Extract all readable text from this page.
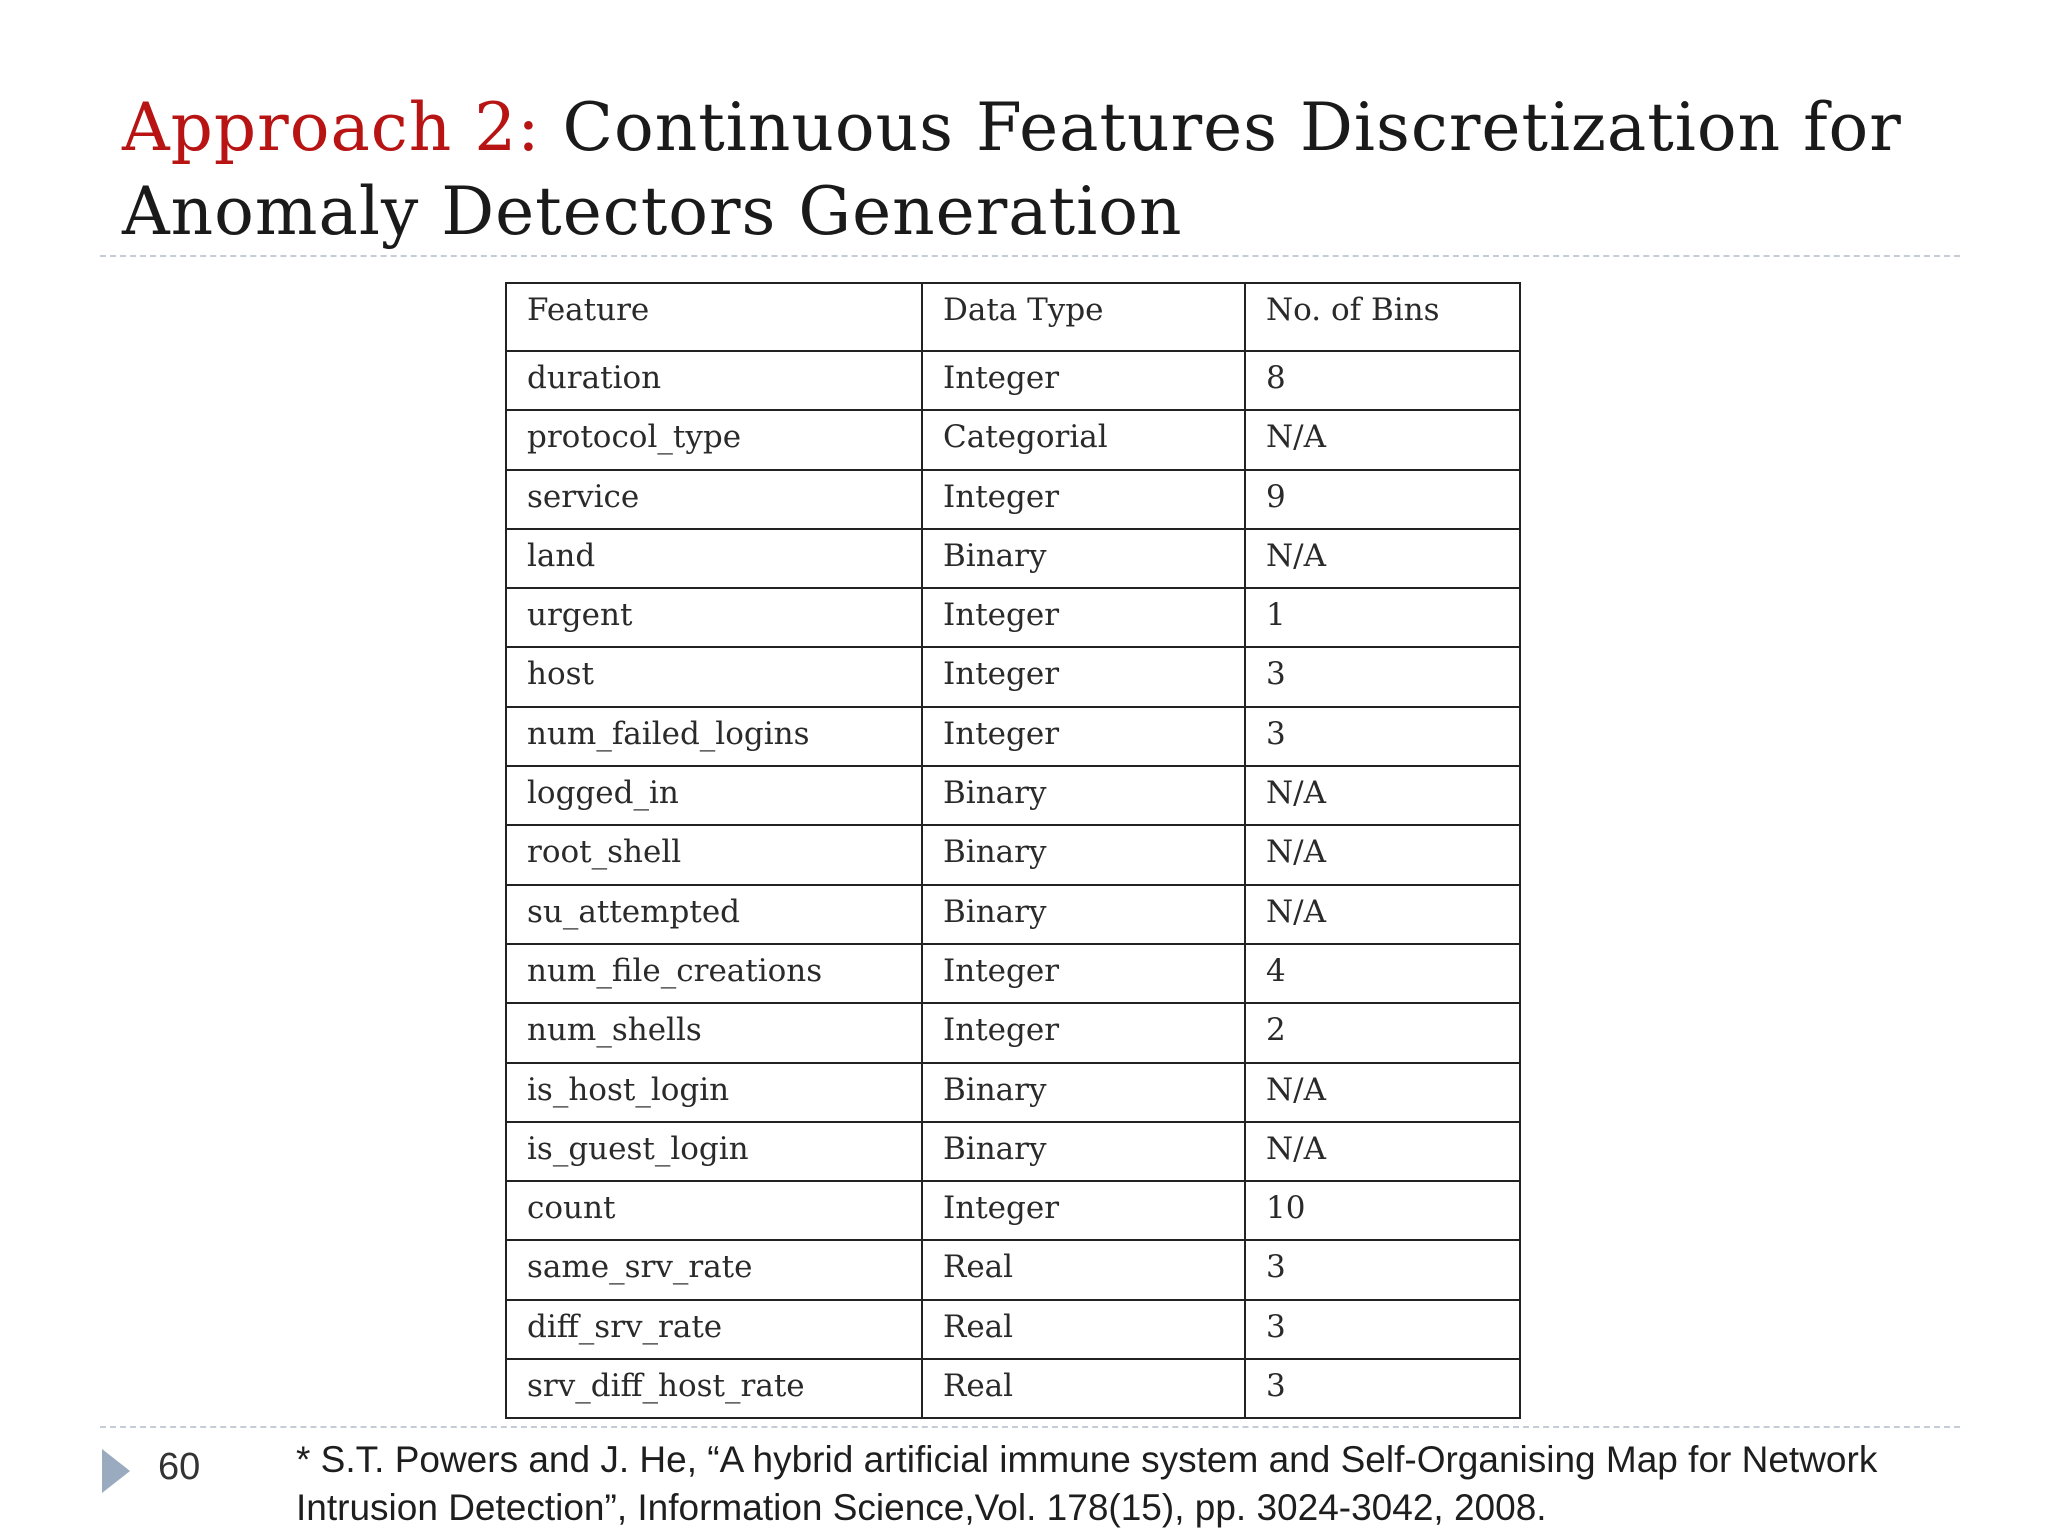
Approach 2: Continuous Features Discretization for Anomaly Detectors Generation
Feature	Data Type	No. of Bins
duration	Integer	8
protocol_type	Categorial	N/A
service	Integer	9
land	Binary	N/A
urgent	Integer	1
host	Integer	3
num_failed_logins	Integer	3
logged_in	Binary	N/A
root_shell	Binary	N/A
su_attempted	Binary	N/A
num_file_creations	Integer	4
num_shells	Integer	2
is_host_login	Binary	N/A
is_guest_login	Binary	N/A
count	Integer	10
same_srv_rate	Real	3
diff_srv_rate	Real	3
srv_diff_host_rate	Real	3
60	* S.T. Powers and J. He, “A hybrid artificial immune system and Self-Organising Map for Network
Intrusion Detection”, Information Science,Vol. 178(15), pp. 3024-3042, 2008.
